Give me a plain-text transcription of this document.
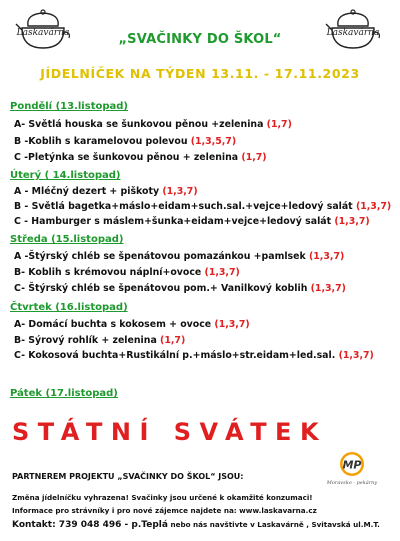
Laskavárna	Laskavárna
„SVAČINKY DO ŠKOL“
JÍDELNÍČEK NA TÝDEN 13.11. - 17.11.2023
Pondělí (13.listopad)
A- Světlá houska se šunkovou pěnou +zelenina (1,7)
B -Koblih s karamelovou polevou (1,3,5,7)
C -Pletýnka se šunkovou pěnou + zelenina (1,7)
Úterý ( 14.listopad)
A - Mléčný dezert + piškoty (1,3,7)
B - Světlá bagetka+máslo+eidam+such.sal.+vejce+ledový salát (1,3,7)
C - Hamburger s máslem+šunka+eidam+vejce+ledový salát (1,3,7)
Středa (15.listopad)
A -Štýrský chléb se špenátovou pomazánkou +pamlsek (1,3,7)
B- Koblih s krémovou náplní+ovoce (1,3,7)
C- Štýrský chléb se špenátovou pom.+ Vanilkový koblih (1,3,7)
Čtvrtek (16.listopad)
A- Domácí buchta s kokosem + ovoce (1,3,7)
B- Sýrový rohlík + zelenina (1,7)
C- Kokosová buchta+Rustikální p.+máslo+str.eidam+led.sal. (1,3,7)
Pátek (17.listopad)
STÁTNÍ SVÁTEK
PARTNEREM PROJEKTU „SVAČINKY DO ŠKOL“ JSOU:
MP
Moravsko - pekárny
Změna jídelníčku vyhrazena! Svačinky jsou určené k okamžité konzumaci!
Informace pro strávníky i pro nové zájemce najdete na: www.laskavarna.cz
Kontakt: 739 048 496 - p.Teplá nebo nás navštivte v Laskavárně , Svitavská ul.M.T.
